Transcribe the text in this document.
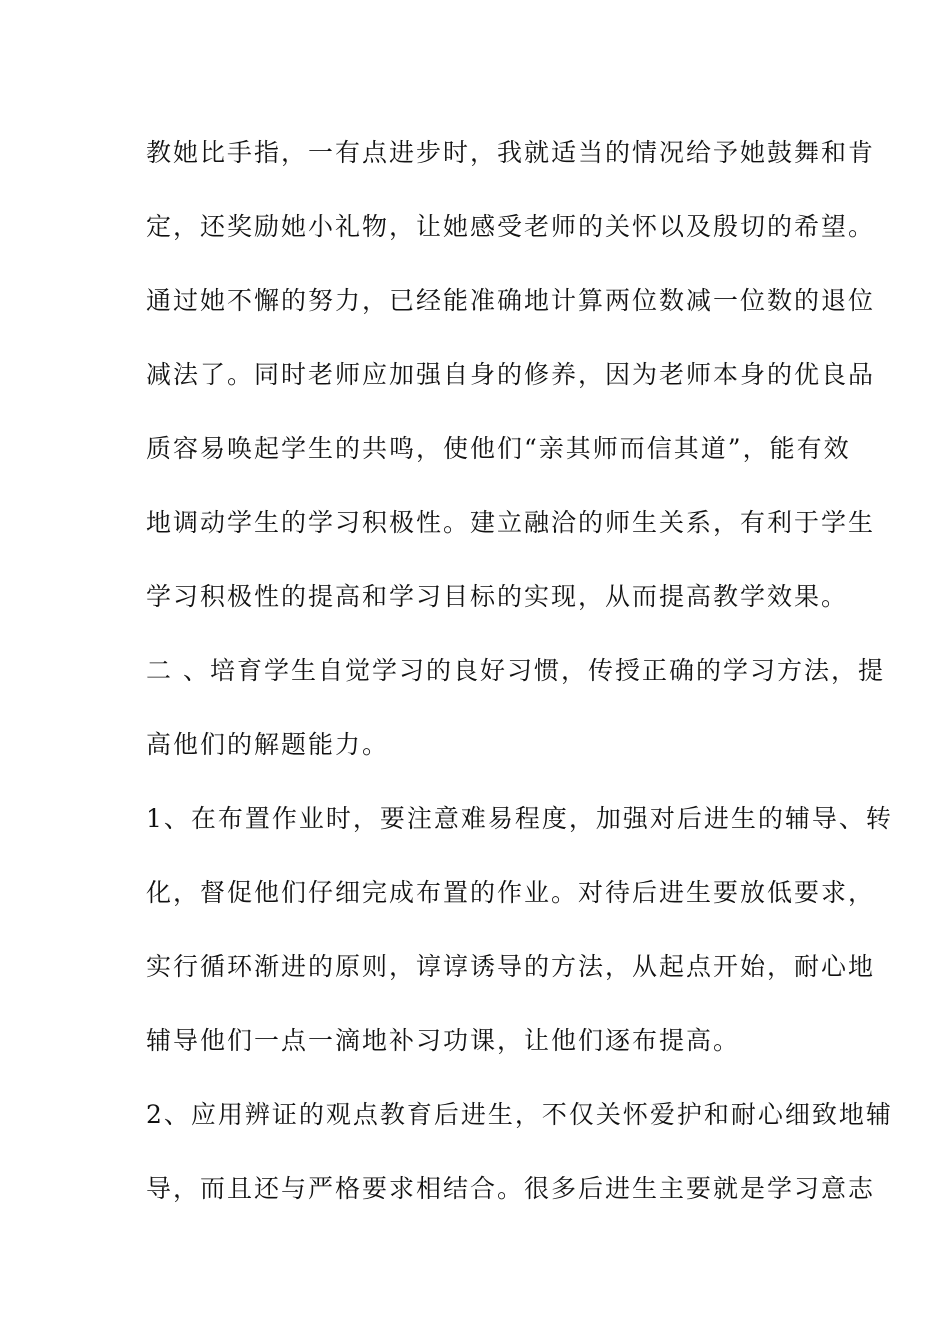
教她比手指，一有点进步时，我就适当的情况给予她鼓舞和肯
定，还奖励她小礼物，让她感受老师的关怀以及殷切的希望。
通过她不懈的努力，已经能准确地计算两位数减一位数的退位
减法了。同时老师应加强自身的修养，因为老师本身的优良品
质容易唤起学生的共鸣，使他们“亲其师而信其道”，能有效
地调动学生的学习积极性。建立融洽的师生关系，有利于学生
学习积极性的提高和学习目标的实现，从而提高教学效果。
二 、培育学生自觉学习的良好习惯，传授正确的学习方法，提
高他们的解题能力。
1、在布置作业时，要注意难易程度，加强对后进生的辅导、转
化，督促他们仔细完成布置的作业。对待后进生要放低要求，
实行循环渐进的原则，谆谆诱导的方法，从起点开始，耐心地
辅导他们一点一滴地补习功课，让他们逐布提高。
2、应用辨证的观点教育后进生，不仅关怀爱护和耐心细致地辅
导，而且还与严格要求相结合。很多后进生主要就是学习意志
